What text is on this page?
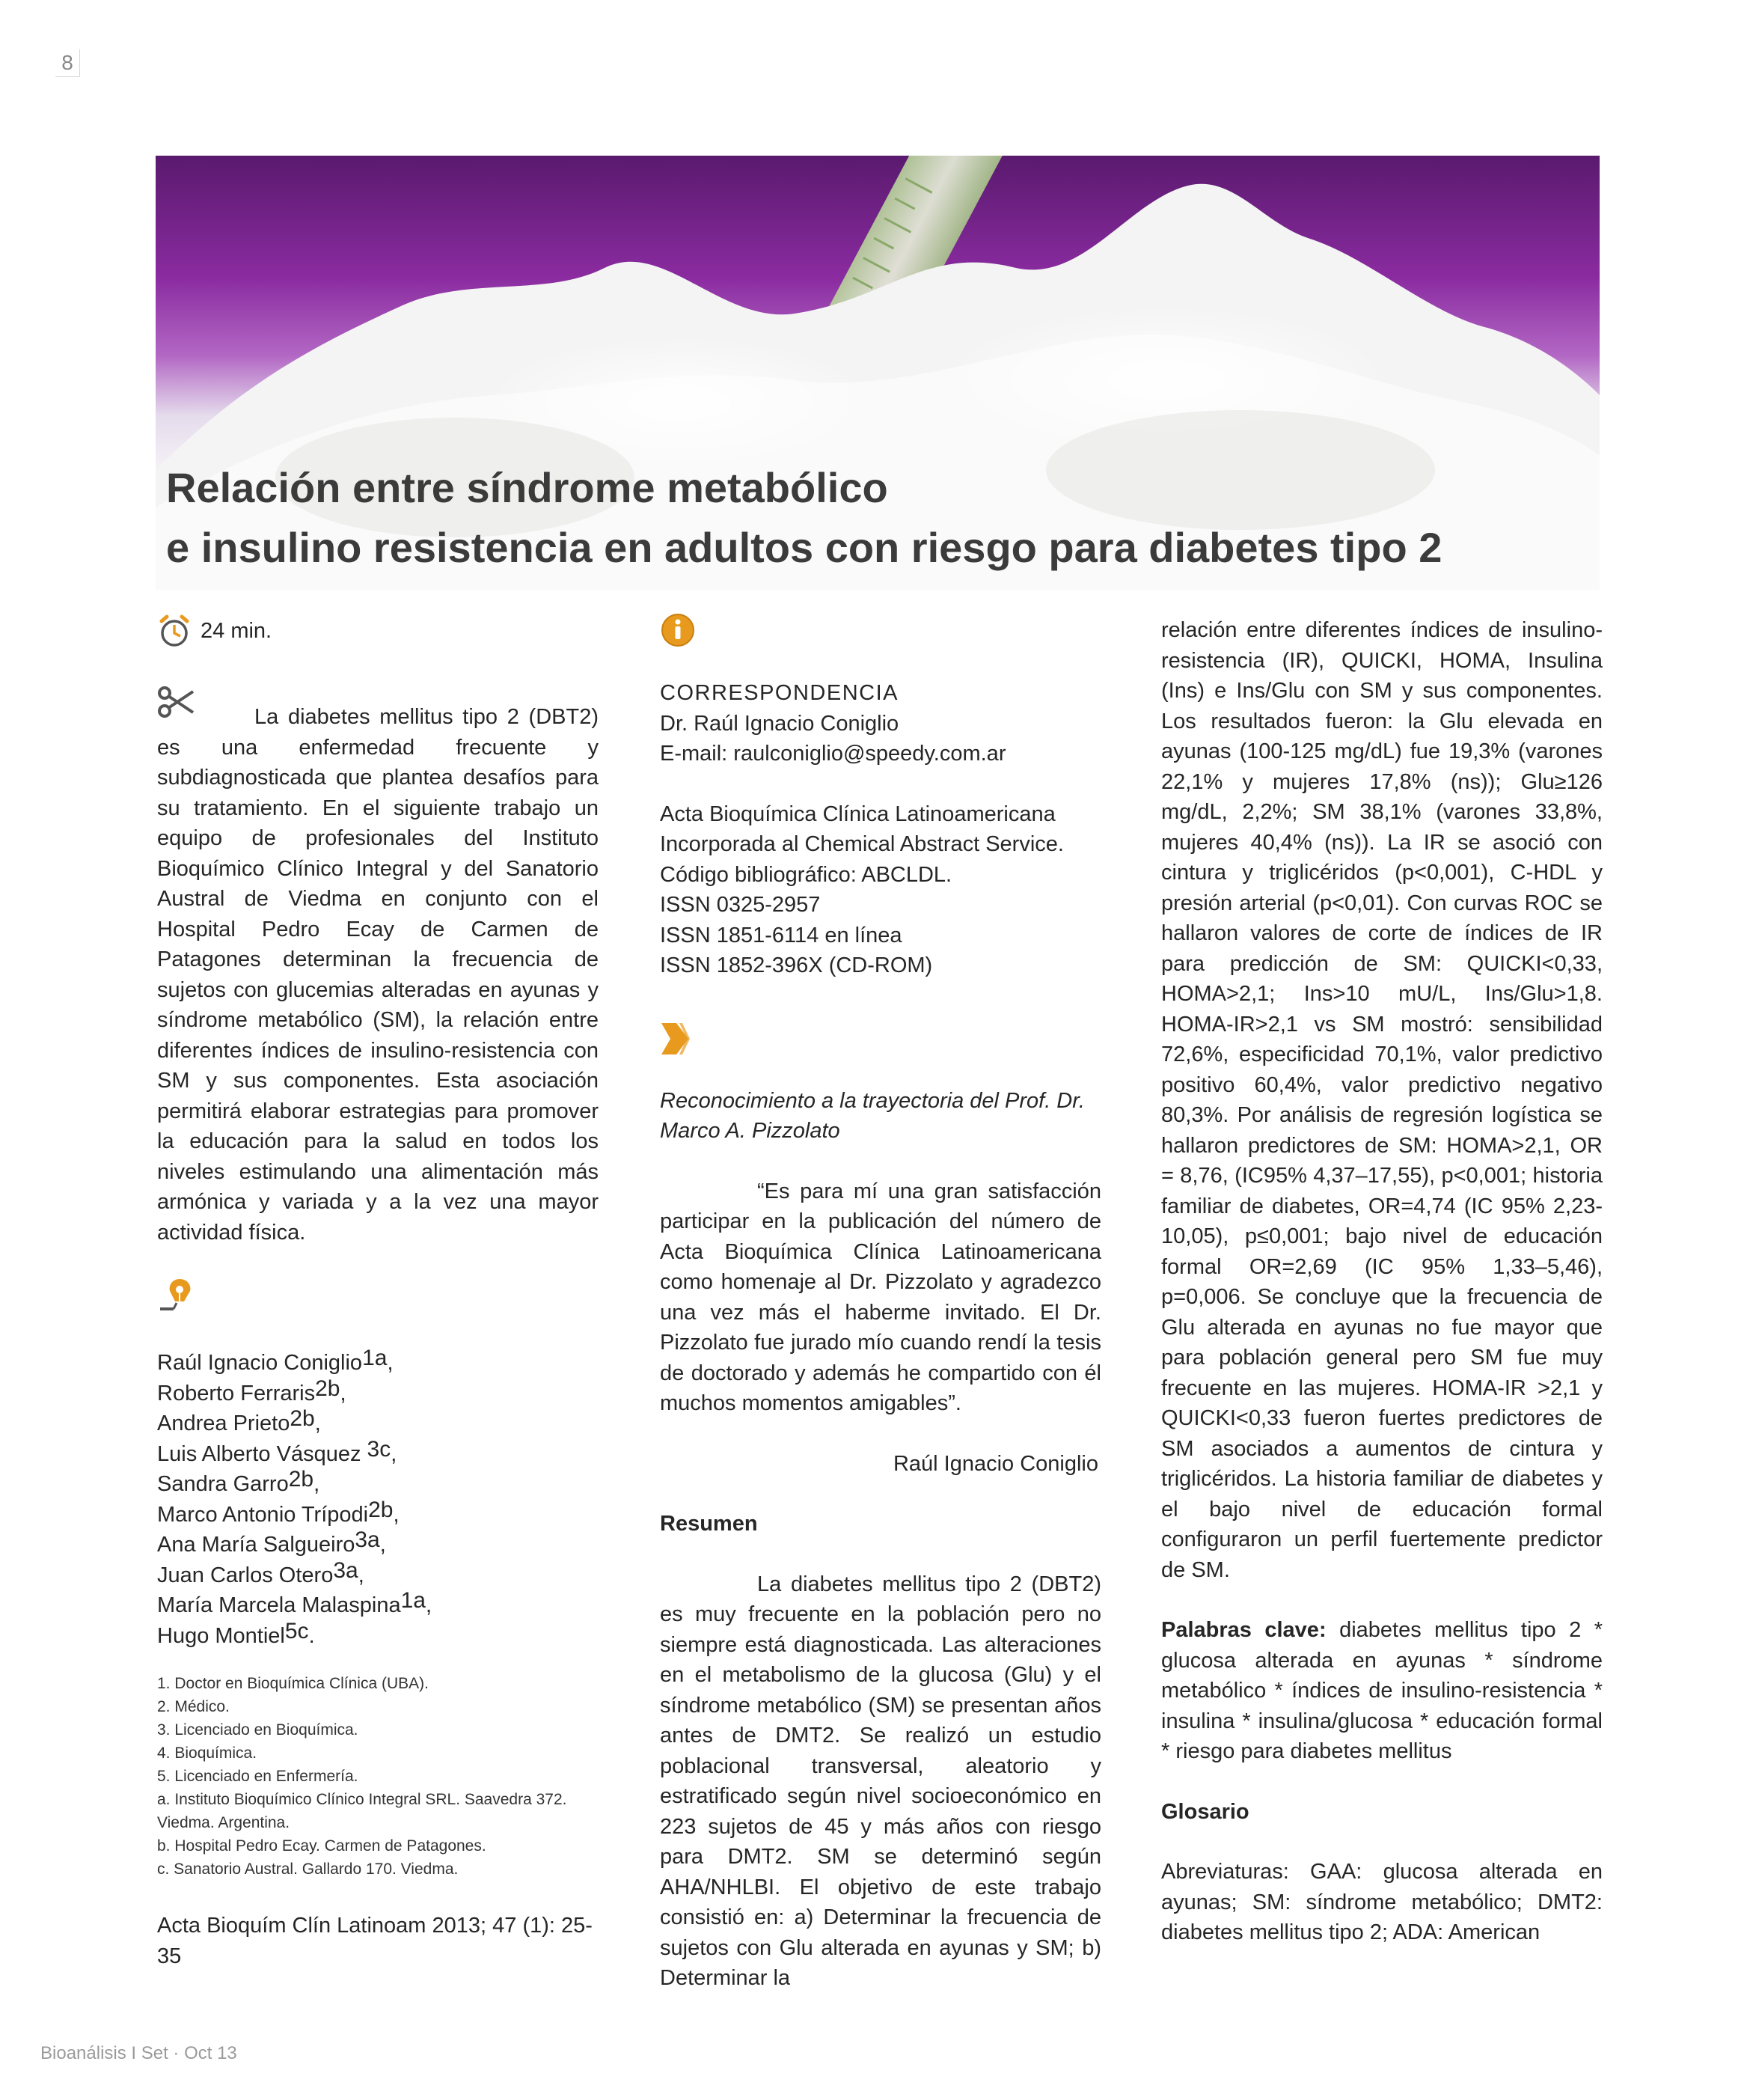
8
Relación entre síndrome metabólico
e insulino resistencia en adultos con riesgo para diabetes tipo 2
24 min.

La diabetes mellitus tipo 2 (DBT2) es una enfermedad frecuente y subdiagnosticada que plantea desafíos para su tratamiento. En el siguiente trabajo un equipo de profesionales del Instituto Bioquímico Clínico Integral y del Sanatorio Austral de Viedma en conjunto con el Hospital Pedro Ecay de Carmen de Patagones determinan la frecuencia de sujetos con glucemias alteradas en ayunas y síndrome metabólico (SM), la relación entre diferentes índices de insulino-resistencia con SM y sus componentes. Esta asociación permitirá elaborar estrategias para promover la educación para la salud en todos los niveles estimulando una alimentación más armónica y variada y a la vez una mayor actividad física.

Raúl Ignacio Coniglio$^{1a}$,
Roberto Ferraris$^{2b}$,
Andrea Prieto$^{2b}$,
Luis Alberto Vásquez $^{3c}$,
Sandra Garro$^{2b}$,
Marco Antonio Trípodi$^{2b}$,
Ana María Salgueiro$^{3a}$,
Juan Carlos Otero$^{3a}$,
María Marcela Malaspina$^{1a}$,
Hugo Montiel$^{5c}$.
1. Doctor en Bioquímica Clínica (UBA).
2. Médico.
3. Licenciado en Bioquímica.
4. Bioquímica.
5. Licenciado en Enfermería.
a. Instituto Bioquímico Clínico Integral SRL. Saavedra 372. Viedma. Argentina.
b. Hospital Pedro Ecay. Carmen de Patagones.
c. Sanatorio Austral. Gallardo 170. Viedma.

Acta Bioquím Clín Latinoam 2013; 47 (1): 25-35

CORRESPONDENCIA

Dr. Raúl Ignacio Coniglio

E-mail: raulconiglio@speedy.com.ar

Acta Bioquímica Clínica Latinoamericana
Incorporada al Chemical Abstract Service.
Código bibliográfico: ABCLDL.
ISSN 0325-2957
ISSN 1851-6114 en línea
ISSN 1852-396X (CD-ROM)

Reconocimiento a la trayectoria del Prof. Dr. Marco A. Pizzolato

“Es para mí una gran satisfacción participar en la publicación del número de Acta Bioquímica Clínica Latinoamericana como homenaje al Dr. Pizzolato y agradezco una vez más el haberme invitado. El Dr. Pizzolato fue jurado mío cuando rendí la tesis de doctorado y además he compartido con él muchos momentos amigables”.

Raúl Ignacio Coniglio

Resumen

La diabetes mellitus tipo 2 (DBT2) es muy frecuente en la población pero no siempre está diagnosticada. Las alteraciones en el metabolismo de la glucosa (Glu) y el síndrome metabólico (SM) se presentan años antes de DMT2. Se realizó un estudio poblacional transversal, aleatorio y estratificado según nivel socioeconómico en 223 sujetos de 45 y más años con riesgo para DMT2. SM se determinó según AHA/NHLBI. El objetivo de este trabajo consistió en: a) Determinar la frecuencia de sujetos con Glu alterada en ayunas y SM; b) Determinar la

relación entre diferentes índices de insulino-resistencia (IR), QUICKI, HOMA, Insulina (Ins) e Ins/Glu con SM y sus componentes. Los resultados fueron: la Glu elevada en ayunas (100-125 mg/dL) fue 19,3% (varones 22,1% y mujeres 17,8% (ns)); Glu≥126 mg/dL, 2,2%; SM 38,1% (varones 33,8%, mujeres 40,4% (ns)). La IR se asoció con cintura y triglicéridos (p<0,001), C-HDL y presión arterial (p<0,01). Con curvas ROC se hallaron valores de corte de índices de IR para predicción de SM: QUICKI<0,33, HOMA>2,1; Ins>10 mU/L, Ins/Glu>1,8. HOMA-IR>2,1 vs SM mostró: sensibilidad 72,6%, especificidad 70,1%, valor predictivo positivo 60,4%, valor predictivo negativo 80,3%. Por análisis de regresión logística se hallaron predictores de SM: HOMA>2,1, OR = 8,76, (IC95% 4,37–17,55), p<0,001; historia familiar de diabetes, OR=4,74 (IC 95% 2,23-10,05), p≤0,001; bajo nivel de educación formal OR=2,69 (IC 95% 1,33–5,46), p=0,006. Se concluye que la frecuencia de Glu alterada en ayunas no fue mayor que para población general pero SM fue muy frecuente en las mujeres. HOMA-IR >2,1 y QUICKI<0,33 fueron fuertes predictores de SM asociados a aumentos de cintura y triglicéridos. La historia familiar de diabetes y el bajo nivel de educación formal configuraron un perfil fuertemente predictor de SM.

Palabras clave: diabetes mellitus tipo 2 * glucosa alterada en ayunas * síndrome metabólico * índices de insulino-resistencia * insulina * insulina/glucosa * educación formal * riesgo para diabetes mellitus

Glosario

Abreviaturas: GAA: glucosa alterada en ayunas; SM: síndrome metabólico; DMT2: diabetes mellitus tipo 2; ADA: American

Bioanálisis I Set · Oct 13
